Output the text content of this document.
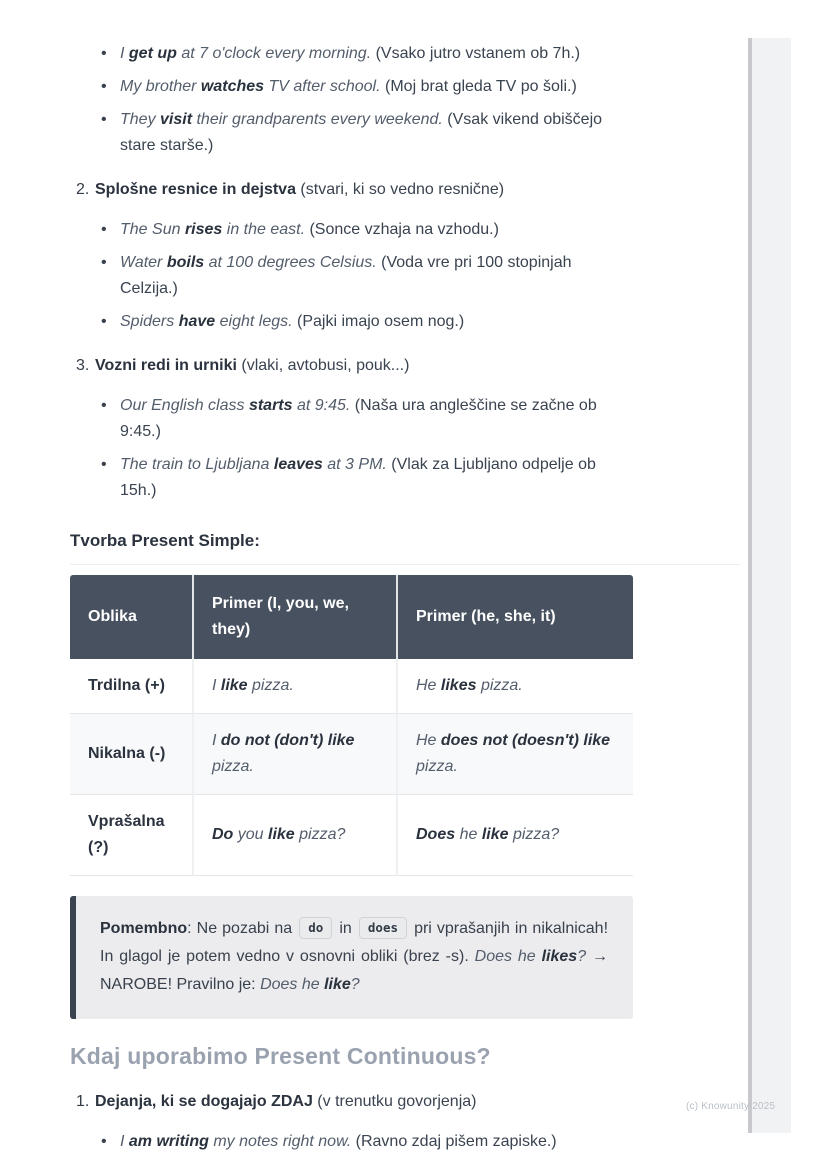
• I get up at 7 o'clock every morning. (Vsako jutro vstanem ob 7h.)
• My brother watches TV after school. (Moj brat gleda TV po šoli.)
• They visit their grandparents every weekend. (Vsak vikend obiščejo stare starše.)
2. Splošne resnice in dejstva (stvari, ki so vedno resnične)
• The Sun rises in the east. (Sonce vzhaja na vzhodu.)
• Water boils at 100 degrees Celsius. (Voda vre pri 100 stopinjah Celzija.)
• Spiders have eight legs. (Pajki imajo osem nog.)
3. Vozni redi in urniki (vlaki, avtobusi, pouk...)
• Our English class starts at 9:45. (Naša ura angleščine se začne ob 9:45.)
• The train to Ljubljana leaves at 3 PM. (Vlak za Ljubljano odpelje ob 15h.)

Tvorba Present Simple:

Oblika	Primer (I, you, we, they)	Primer (he, she, it)
Trdilna (+)	I like pizza.	He likes pizza.
Nikalna (-)	I do not (don't) like pizza.	He does not (doesn't) like pizza.
Vprašalna (?)	Do you like pizza?	Does he like pizza?
Pomembno: Ne pozabi na do in does pri vprašanjih in nikalnicah! In glagol je potem vedno v osnovni obliki (brez -s). Does he likes? → NAROBE! Pravilno je: Does he like?
Kdaj uporabimo Present Continuous?
1. Dejanja, ki se dogajajo ZDAJ (v trenutku govorjenja)
• I am writing my notes right now. (Ravno zdaj pišem zapiske.)
(c) Knowunity 2025
